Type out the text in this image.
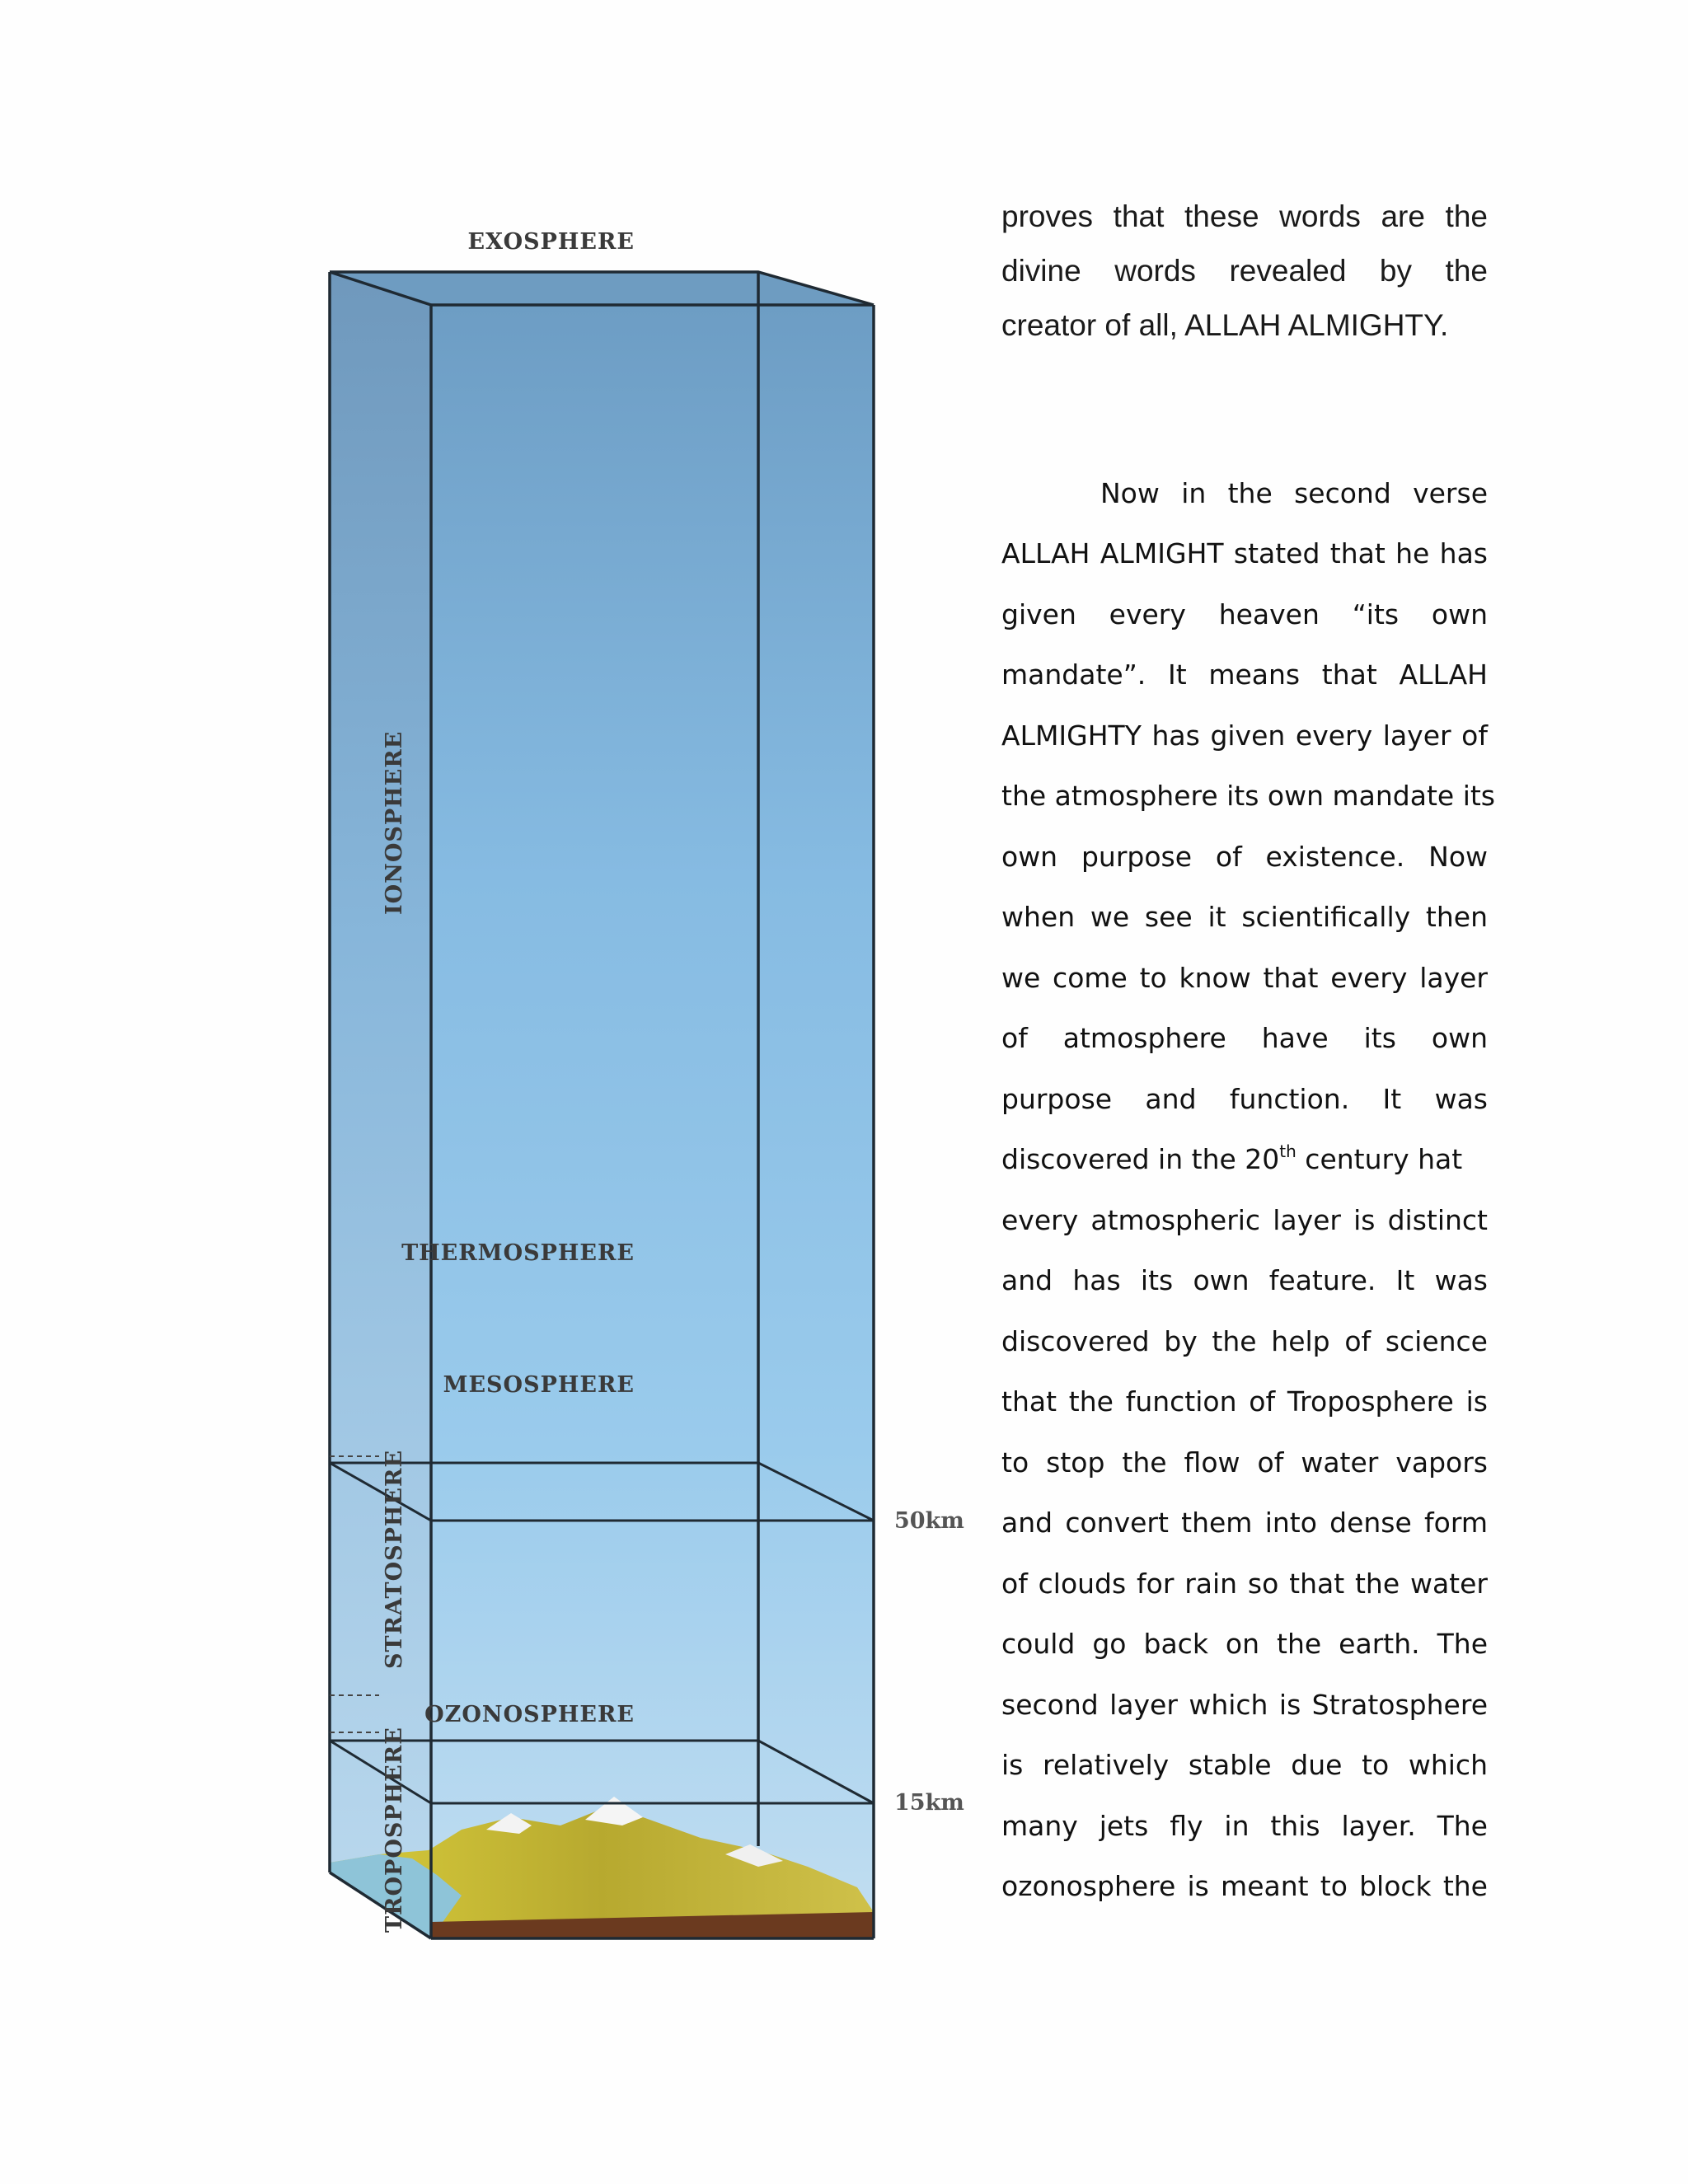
EXOSPHERE
IONOSPHERE
THERMOSPHERE
MESOSPHERE
STRATOSPHERE
OZONOSPHERE
TROPOSPHERE
50km
15km
proves that these words are the
divine words revealed by the
creator of all, ALLAH ALMIGHTY.
Now in the second verse
ALLAH ALMIGHT stated that he has
given every heaven “its own
mandate”. It means that ALLAH
ALMIGHTY has given every layer of
the atmosphere its own mandate its
own purpose of existence. Now
when we see it scientifically then
we come to know that every layer
of atmosphere have its own
purpose and function. It was
discovered in the 20th century hat
every atmospheric layer is distinct
and has its own feature. It was
discovered by the help of science
that the function of Troposphere is
to stop the flow of water vapors
and convert them into dense form
of clouds for rain so that the water
could go back on the earth. The
second layer which is Stratosphere
is relatively stable due to which
many jets fly in this layer. The
ozonosphere is meant to block the
